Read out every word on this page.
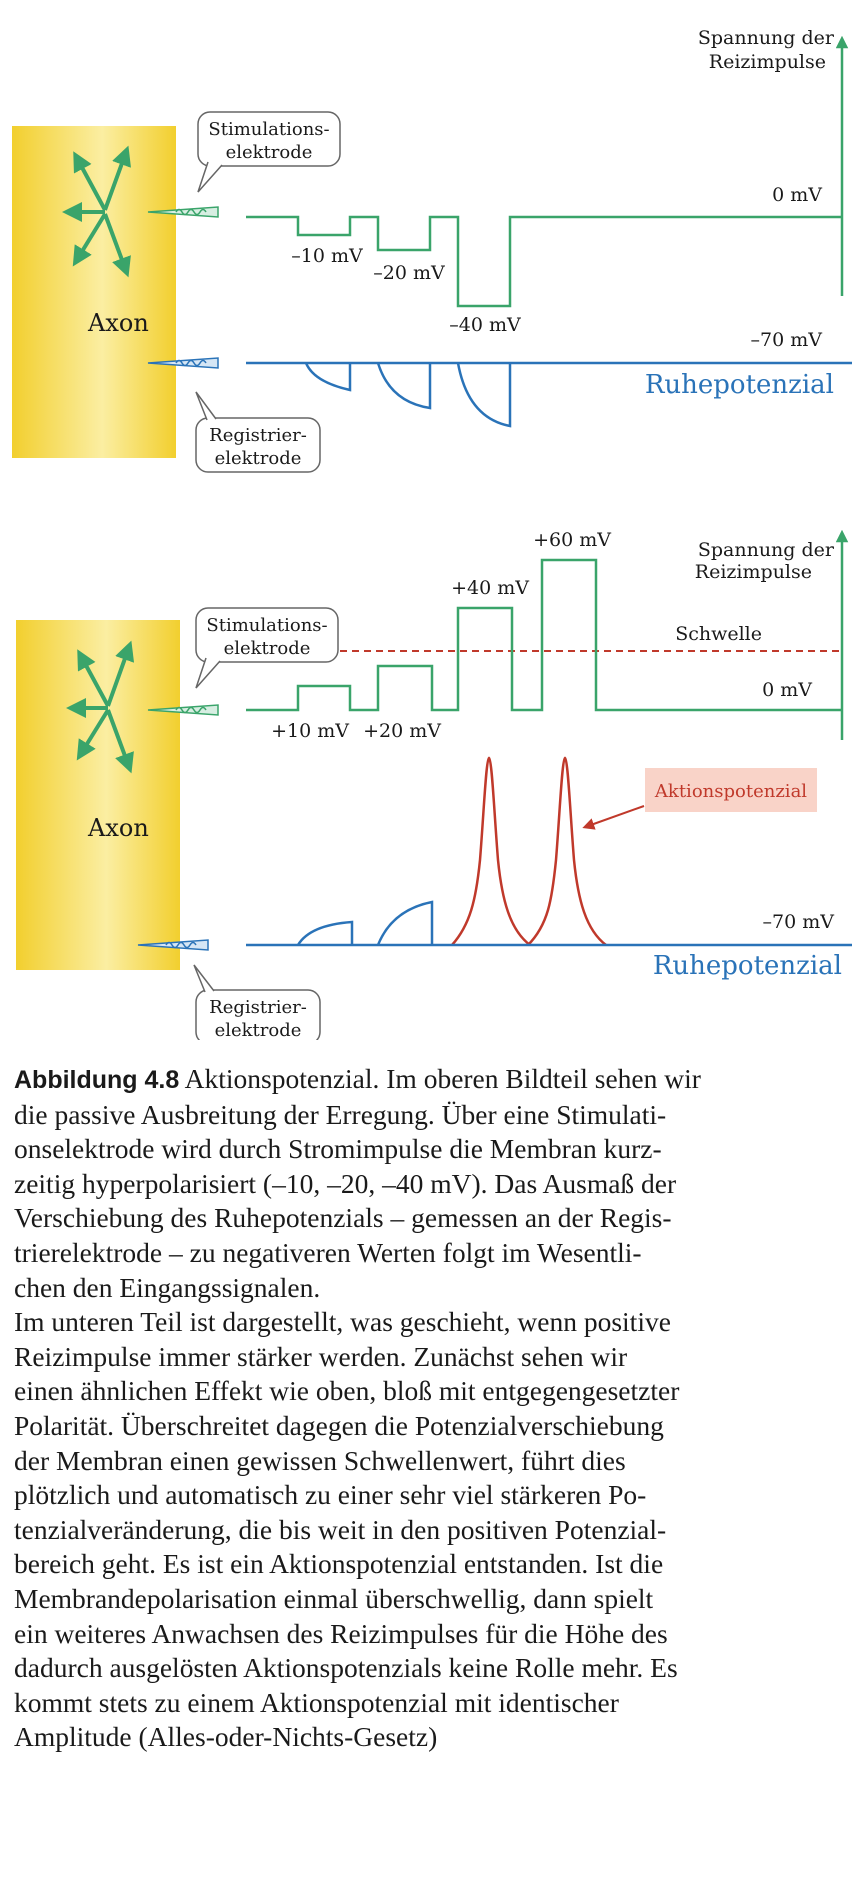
Axon
Stimulations-
elektrode
Spannung der
Reizimpulse
0 mV
–10 mV
–20 mV
–40 mV
–70 mV
Ruhepotenzial
Registrier-
elektrode
Axon
Stimulations-
elektrode
Schwelle
Spannung der
Reizimpulse
0 mV
+10 mV +20 mV
+40 mV
+60 mV
Aktionspotenzial
–70 mV
Ruhepotenzial
Registrier-
elektrode
Abbildung 4.8 Aktionspotenzial. Im oberen Bildteil sehen wir
die passive Ausbreitung der Erregung. Über eine Stimulati-
onselektrode wird durch Stromimpulse die Membran kurz-
zeitig hyperpolarisiert (–10, –20, –40 mV). Das Ausmaß der
Verschiebung des Ruhepotenzials – gemessen an der Regis-
trierelektrode – zu negativeren Werten folgt im Wesentli-
chen den Eingangssignalen.
Im unteren Teil ist dargestellt, was geschieht, wenn positive
Reizimpulse immer stärker werden. Zunächst sehen wir
einen ähnlichen Effekt wie oben, bloß mit entgegengesetzter
Polarität. Überschreitet dagegen die Potenzialverschiebung
der Membran einen gewissen Schwellenwert, führt dies
plötzlich und automatisch zu einer sehr viel stärkeren Po-
tenzialveränderung, die bis weit in den positiven Potenzial-
bereich geht. Es ist ein Aktionspotenzial entstanden. Ist die
Membrandepolarisation einmal überschwellig, dann spielt
ein weiteres Anwachsen des Reizimpulses für die Höhe des
dadurch ausgelösten Aktionspotenzials keine Rolle mehr. Es
kommt stets zu einem Aktionspotenzial mit identischer
Amplitude (Alles-oder-Nichts-Gesetz)
